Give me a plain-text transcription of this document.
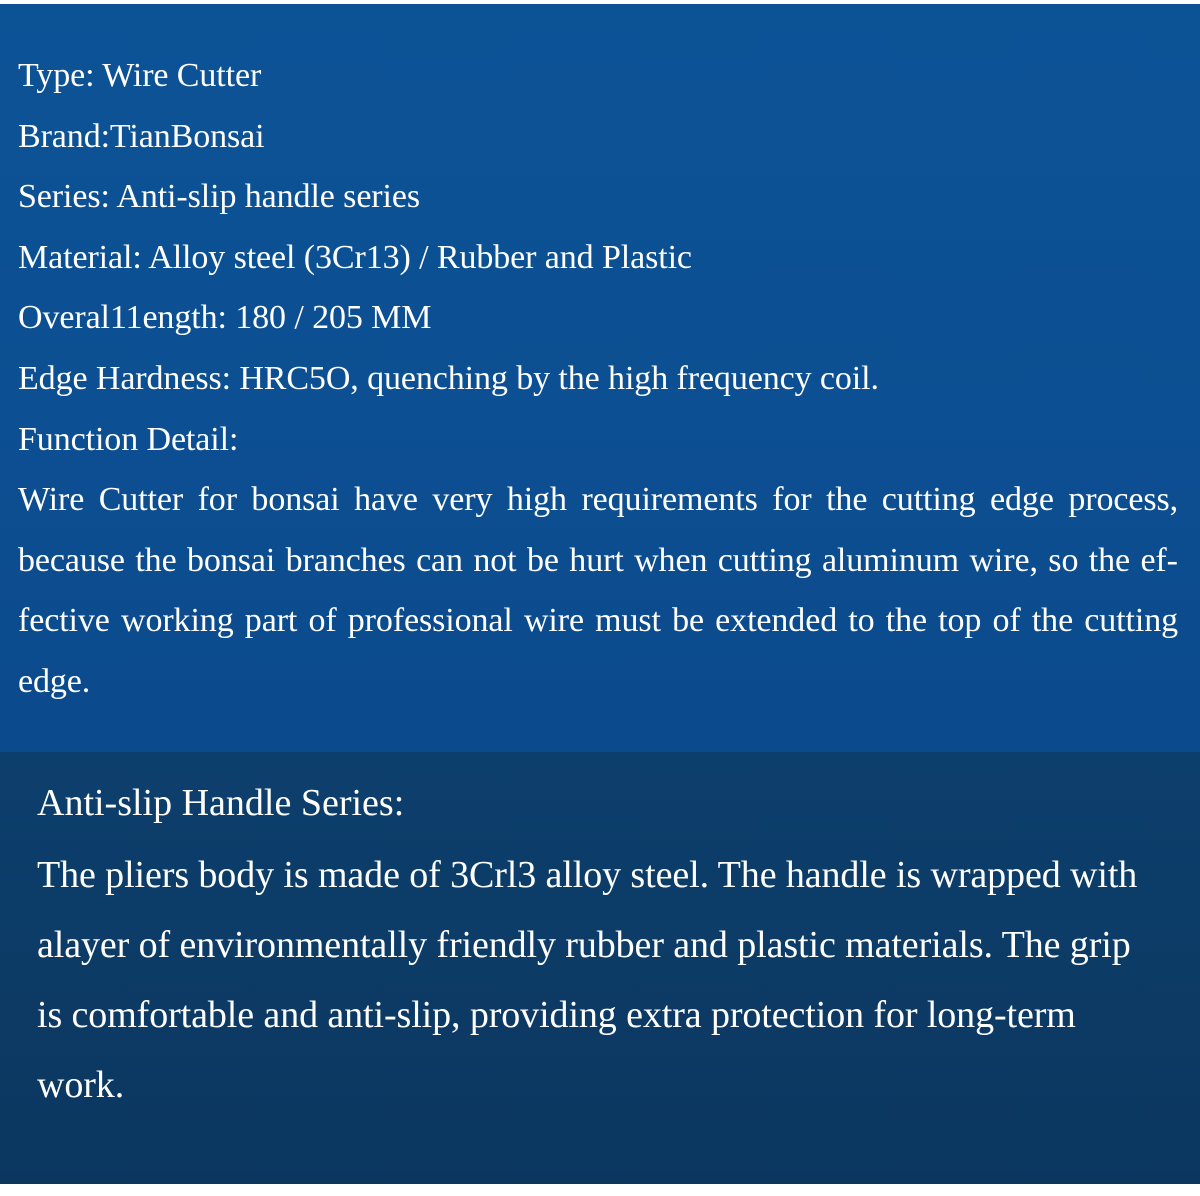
Type: Wire Cutter
Brand:TianBonsai
Series: Anti-slip handle series
Material: Alloy steel (3Cr13) / Rubber and Plastic
Overal11ength: 180 / 205 MM
Edge Hardness: HRC5O, quenching by the high frequency coil.
Function Detail:

Wire Cutter for bonsai have very high requirements for the cutting edge process, because the bonsai branches can not be hurt when cutting aluminum wire, so the effective working part of professional wire must be extended to the top of the cutting edge.

Anti-slip Handle Series:

The pliers body is made of 3Crl3 alloy steel. The handle is wrapped with alayer of environmentally friendly rubber and plastic materials. The grip is comfortable and anti-slip, providing extra protection for long-term work.
